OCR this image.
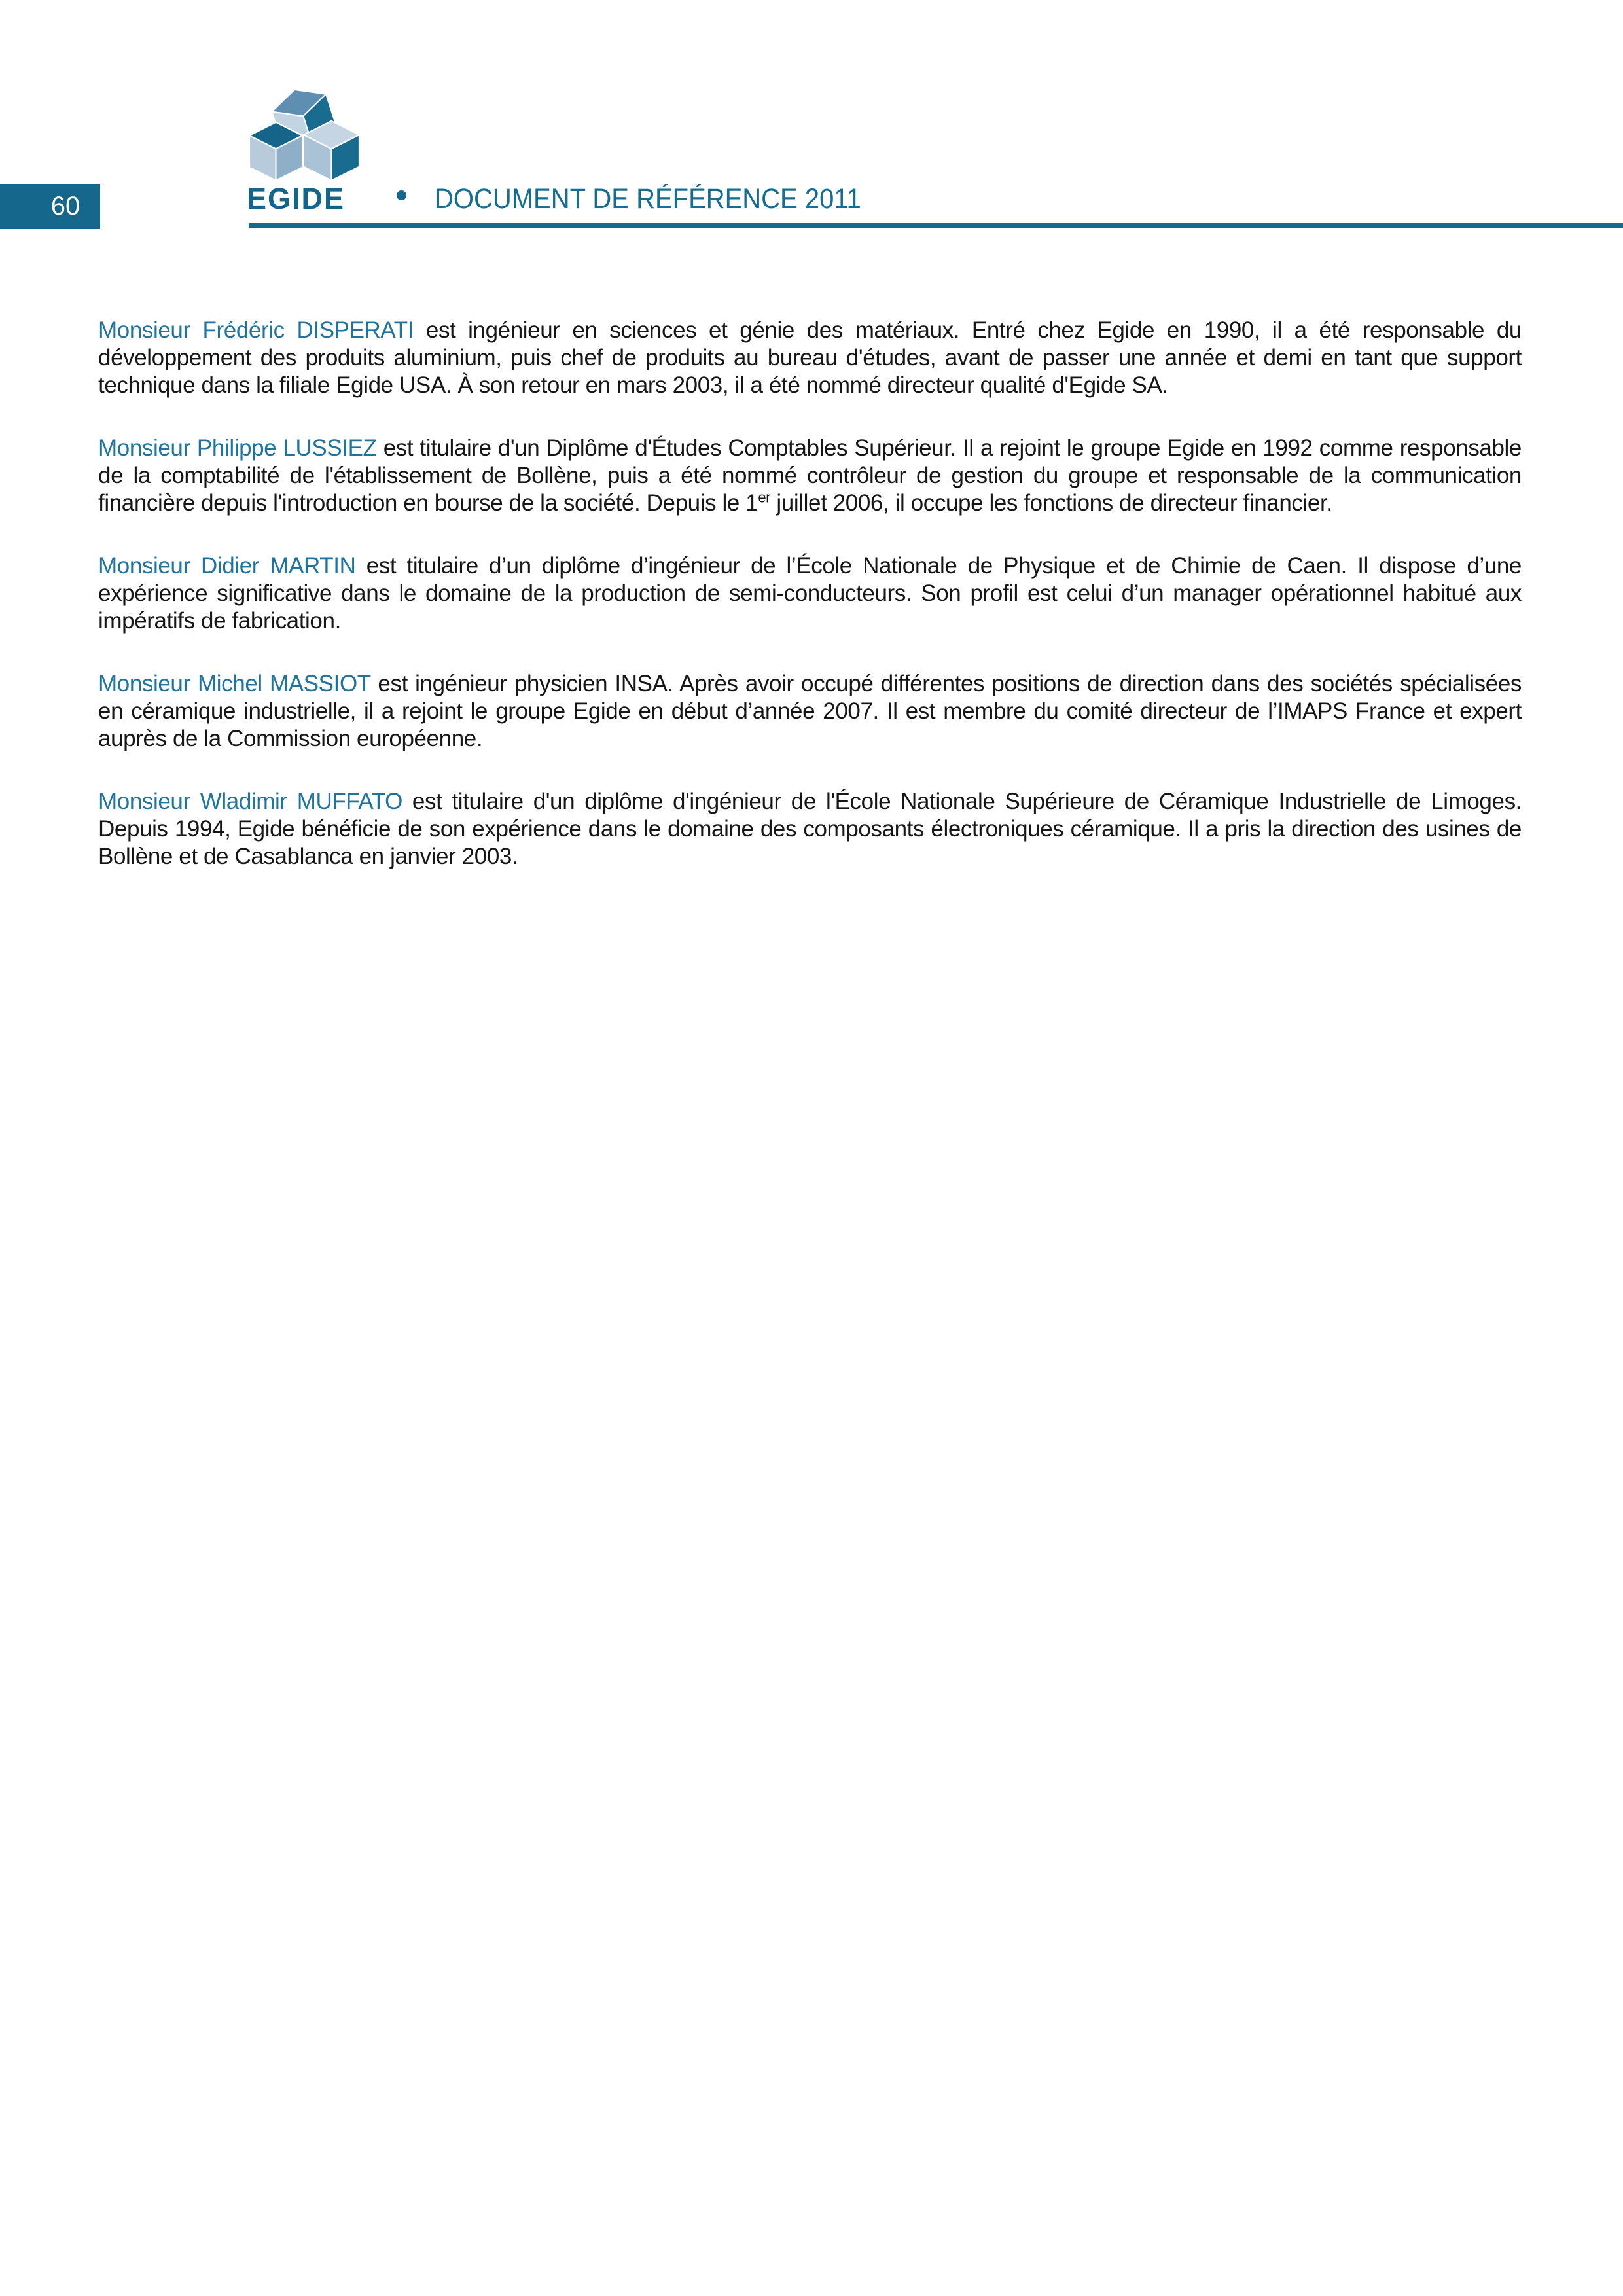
60	EGIDE	DOCUMENT DE RÉFÉRENCE 2011

Monsieur Frédéric DISPERATI est ingénieur en sciences et génie des matériaux. Entré chez Egide en 1990, il a été responsable du développement des produits aluminium, puis chef de produits au bureau d'études, avant de passer une année et demi en tant que support technique dans la filiale Egide USA. À son retour en mars 2003, il a été nommé directeur qualité d'Egide SA.

Monsieur Philippe LUSSIEZ est titulaire d'un Diplôme d'Études Comptables Supérieur. Il a rejoint le groupe Egide en 1992 comme responsable de la comptabilité de l'établissement de Bollène, puis a été nommé contrôleur de gestion du groupe et responsable de la communication financière depuis l'introduction en bourse de la société. Depuis le 1er juillet 2006, il occupe les fonctions de directeur financier.

Monsieur Didier MARTIN est titulaire d’un diplôme d’ingénieur de l’École Nationale de Physique et de Chimie de Caen. Il dispose d’une expérience significative dans le domaine de la production de semi-conducteurs. Son profil est celui d’un manager opérationnel habitué aux impératifs de fabrication.

Monsieur Michel MASSIOT est ingénieur physicien INSA. Après avoir occupé différentes positions de direction dans des sociétés spécialisées en céramique industrielle, il a rejoint le groupe Egide en début d’année 2007. Il est membre du comité directeur de l’IMAPS France et expert auprès de la Commission européenne.

Monsieur Wladimir MUFFATO est titulaire d'un diplôme d'ingénieur de l'École Nationale Supérieure de Céramique Industrielle de Limoges. Depuis 1994, Egide bénéficie de son expérience dans le domaine des composants électroniques céramique. Il a pris la direction des usines de Bollène et de Casablanca en janvier 2003.
